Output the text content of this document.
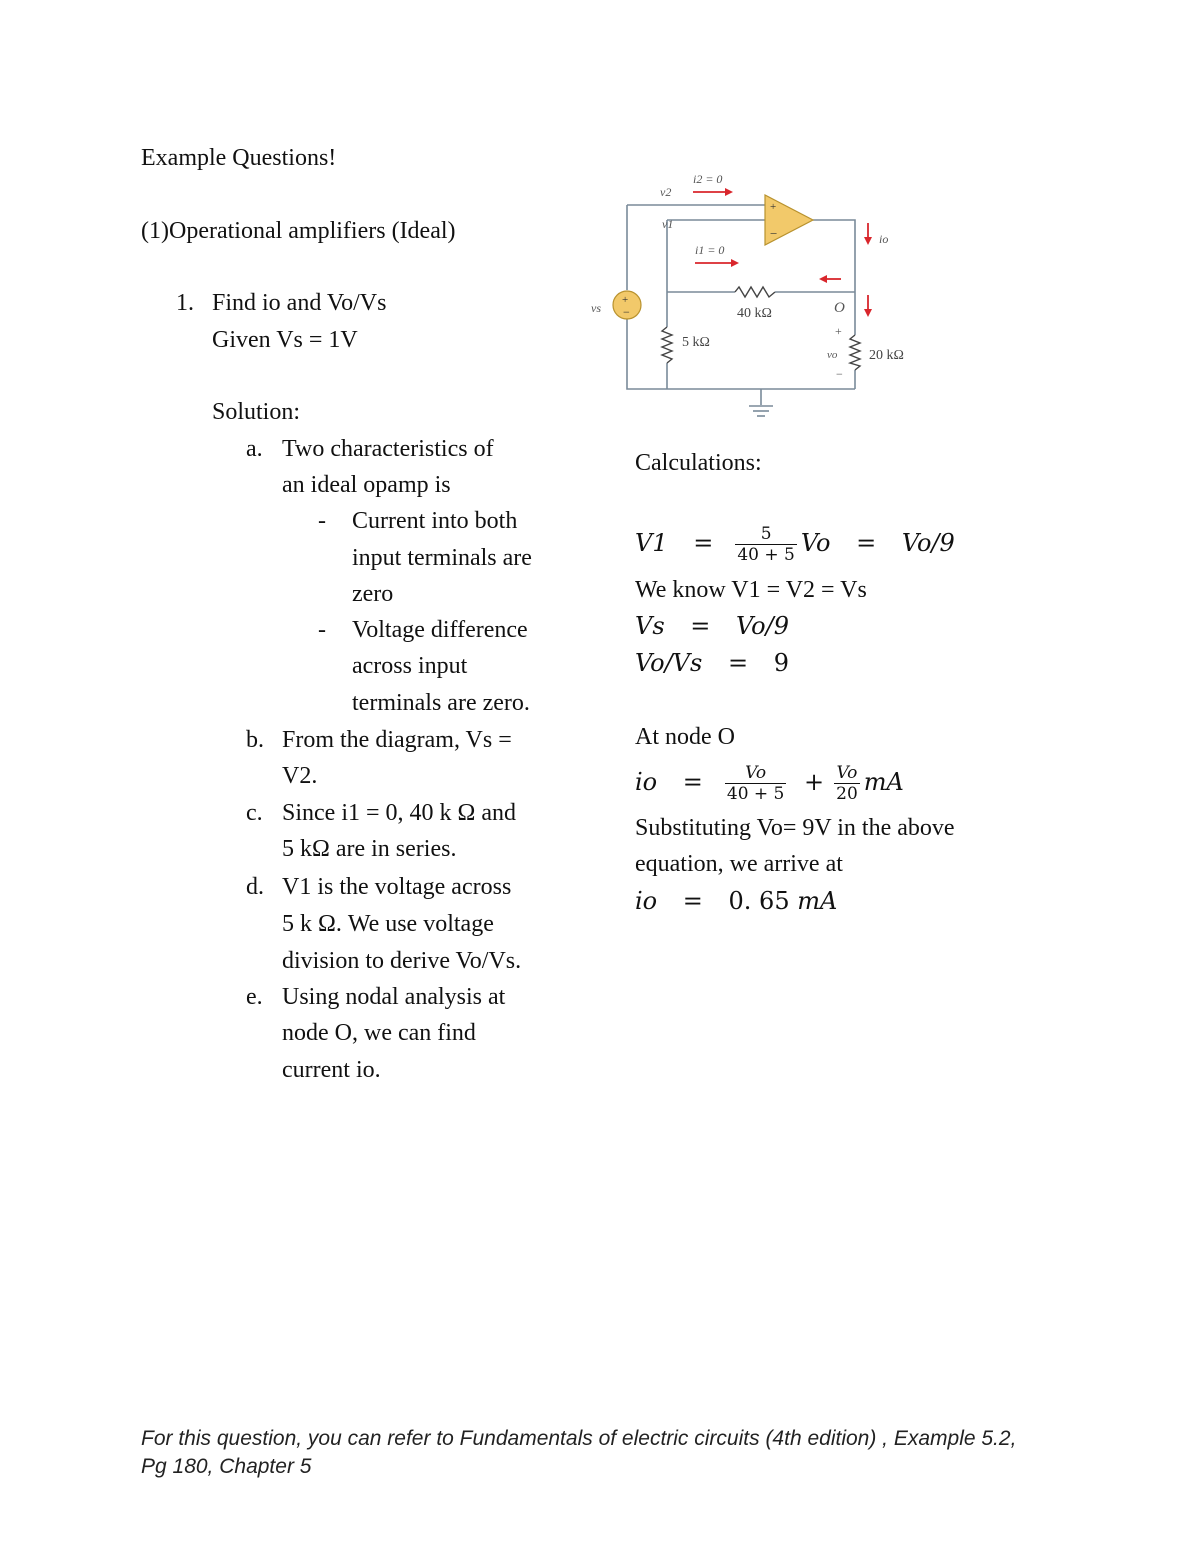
Example Questions!
(1)Operational amplifiers (Ideal)
1. Find io and Vo/Vs
Given Vs = 1V
Solution:
a. Two characteristics of
an ideal opamp is
- Current into both
input terminals are
zero
- Voltage difference
across input
terminals are zero.
b. From the diagram, Vs =
V2.
c. Since i1 = 0, 40 k Ω and
5 kΩ are in series.
d. V1 is the voltage across
5 k Ω. We use voltage
division to derive Vo/Vs.
e. Using nodal analysis at
node O, we can find
current io.
+
−
+
−
v2
v1
i2 = 0
i1 = 0
io
vs	O
+
vo
−
40 kΩ
5 kΩ
20 kΩ
Calculations:
$V1 = \frac{5}{40 + 5}$ Vo = Vo/9
We know V1 = V2 = Vs
Vs = Vo/9
Vo/Vs = 9
At node O
io = $\frac{Vo}{40 + 5} + \frac{Vo}{20}$ mA
Substituting Vo= 9V in the above
equation, we arrive at
io = 0. 65 mA
For this question, you can refer to Fundamentals of electric circuits (4th edition) , Example 5.2,
Pg 180, Chapter 5
